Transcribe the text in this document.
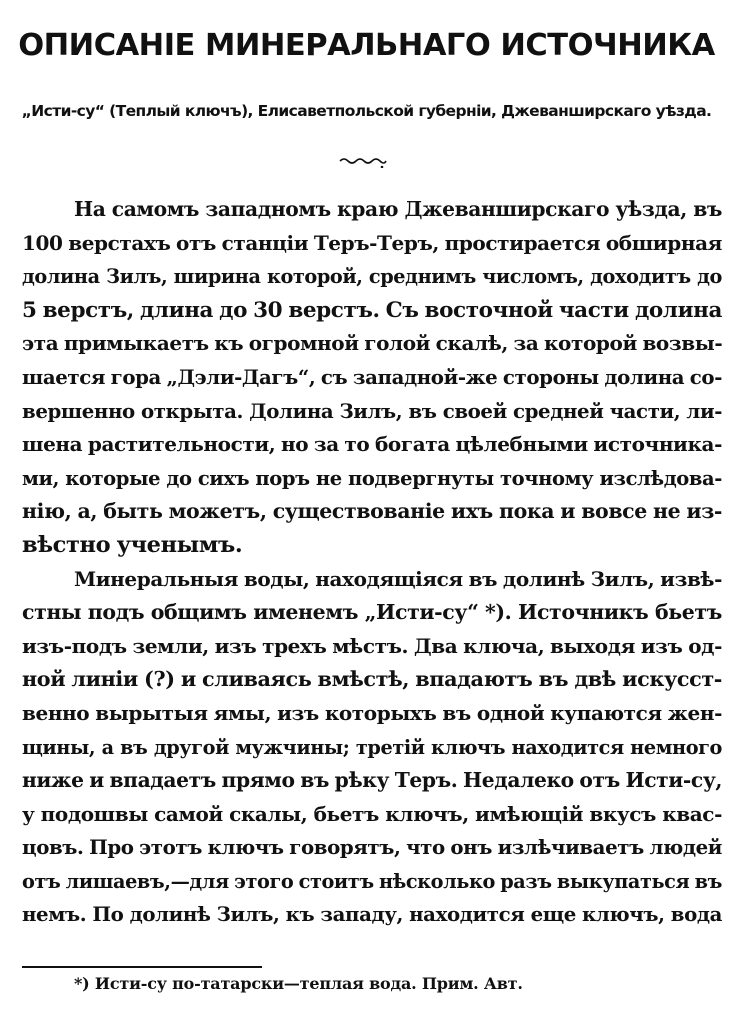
ОПИСАНІЕ МИНЕРАЛЬНАГО ИСТОЧНИКА
„Исти-су“ (Теплый ключъ), Елисаветпольской губерніи, Джеванширскаго уѣзда.
На самомъ западномъ краю Джеванширскаго уѣзда, въ
100 верстахъ отъ станціи Теръ-Теръ, простирается обширная
долина Зилъ, ширина которой, среднимъ числомъ, доходитъ до
5 верстъ, длина до 30 верстъ. Съ восточной части долина
эта примыкаетъ къ огромной голой скалѣ, за которой возвы-
шается гора „Дэли-Дагъ“, съ западной-же стороны долина со-
вершенно открыта. Долина Зилъ, въ своей средней части, ли-
шена растительности, но за то богата цѣлебными источника-
ми, которые до сихъ поръ не подвергнуты точному изслѣдова-
нію, а, быть можетъ, существованіе ихъ пока и вовсе не из-
вѣстно ученымъ.
Минеральныя воды, находящіяся въ долинѣ Зилъ, извѣ-
стны подъ общимъ именемъ „Исти-су“ *). Источникъ бьетъ
изъ-подъ земли, изъ трехъ мѣстъ. Два ключа, выходя изъ од-
ной линіи (?) и сливаясь вмѣстѣ, впадаютъ въ двѣ искусст-
венно вырытыя ямы, изъ которыхъ въ одной купаются жен-
щины, а въ другой мужчины; третій ключъ находится немного
ниже и впадаетъ прямо въ рѣку Теръ. Недалеко отъ Исти-су,
у подошвы самой скалы, бьетъ ключъ, имѣющій вкусъ квас-
цовъ. Про этотъ ключъ говорятъ, что онъ излѣчиваетъ людей
отъ лишаевъ,—для этого стоитъ нѣсколько разъ выкупаться въ
немъ. По долинѣ Зилъ, къ западу, находится еще ключъ, вода
*) Исти-су по-татарски—теплая вода. Прим. Авт.
